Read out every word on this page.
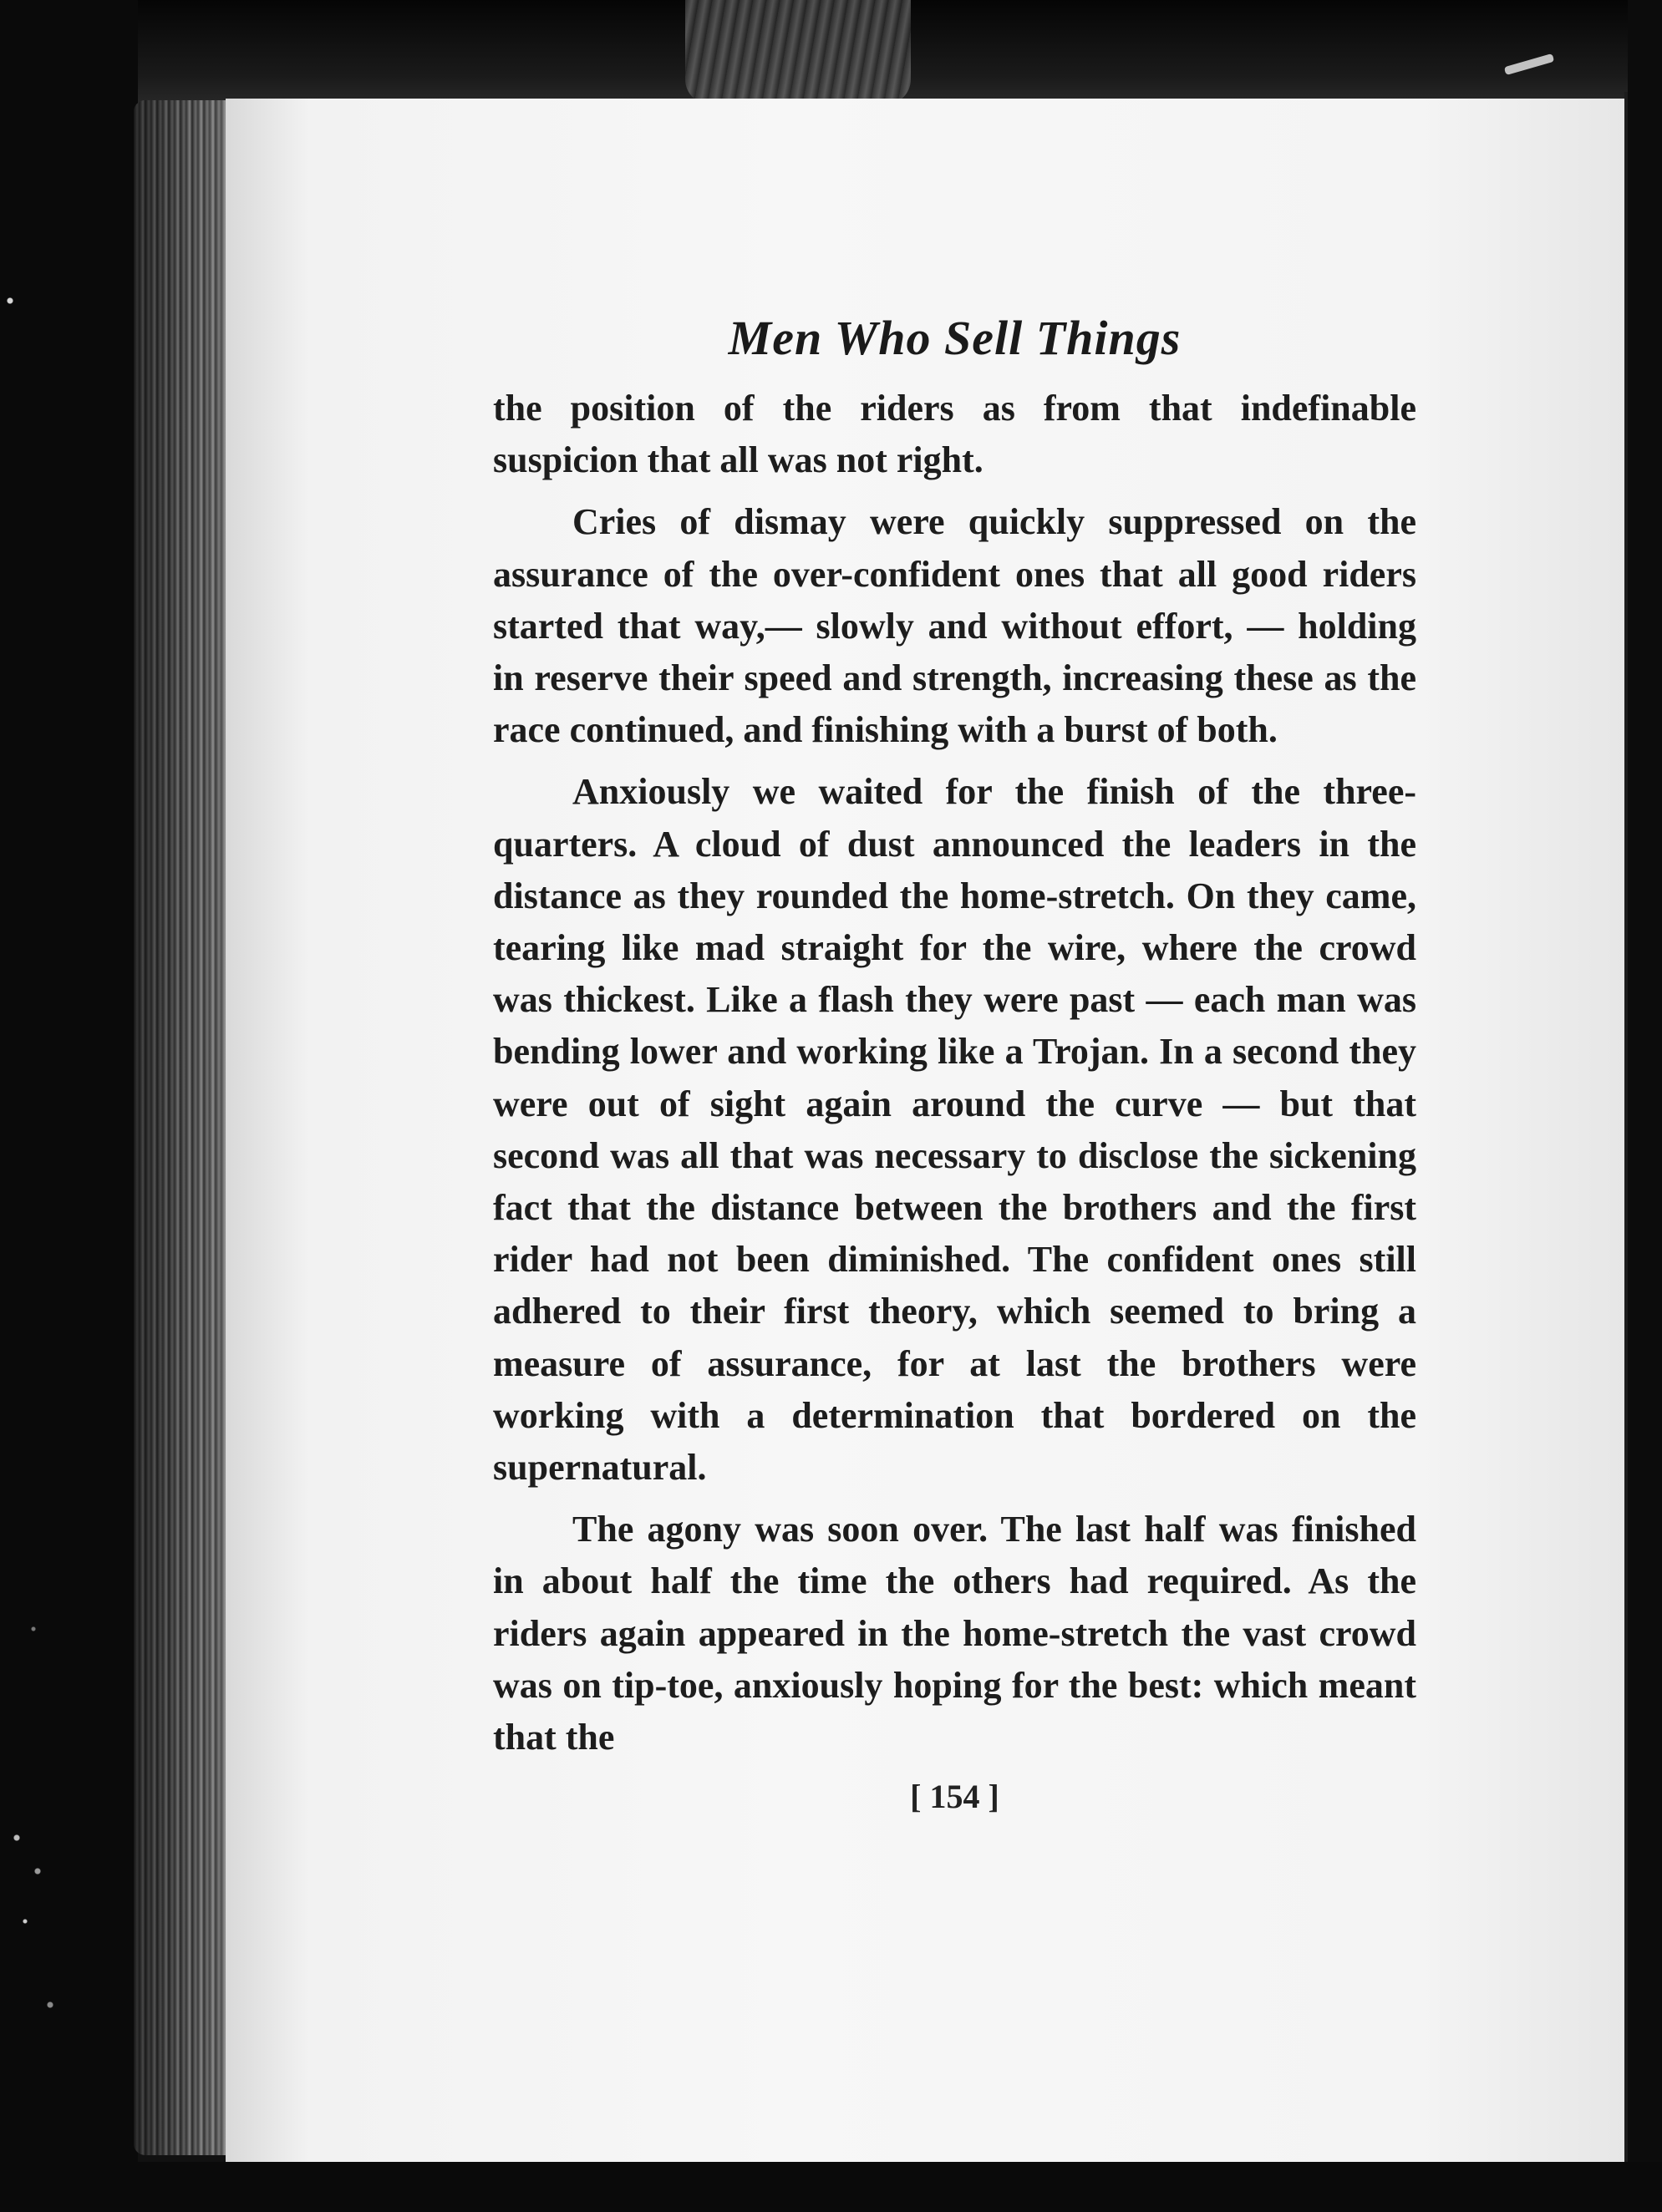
Men Who Sell Things

the position of the riders as from that indefinable suspicion that all was not right.

Cries of dismay were quickly suppressed on the assurance of the over-confident ones that all good riders started that way,— slowly and without effort, — holding in reserve their speed and strength, increasing these as the race continued, and finishing with a burst of both.

Anxiously we waited for the finish of the three-quarters. A cloud of dust announced the leaders in the distance as they rounded the home-stretch. On they came, tearing like mad straight for the wire, where the crowd was thickest. Like a flash they were past — each man was bending lower and working like a Trojan. In a second they were out of sight again around the curve — but that second was all that was necessary to disclose the sickening fact that the distance between the brothers and the first rider had not been diminished. The confident ones still adhered to their first theory, which seemed to bring a measure of assurance, for at last the brothers were working with a determination that bordered on the supernatural.

The agony was soon over. The last half was finished in about half the time the others had required. As the riders again appeared in the home-stretch the vast crowd was on tip-toe, anxiously hoping for the best: which meant that the

[ 154 ]
